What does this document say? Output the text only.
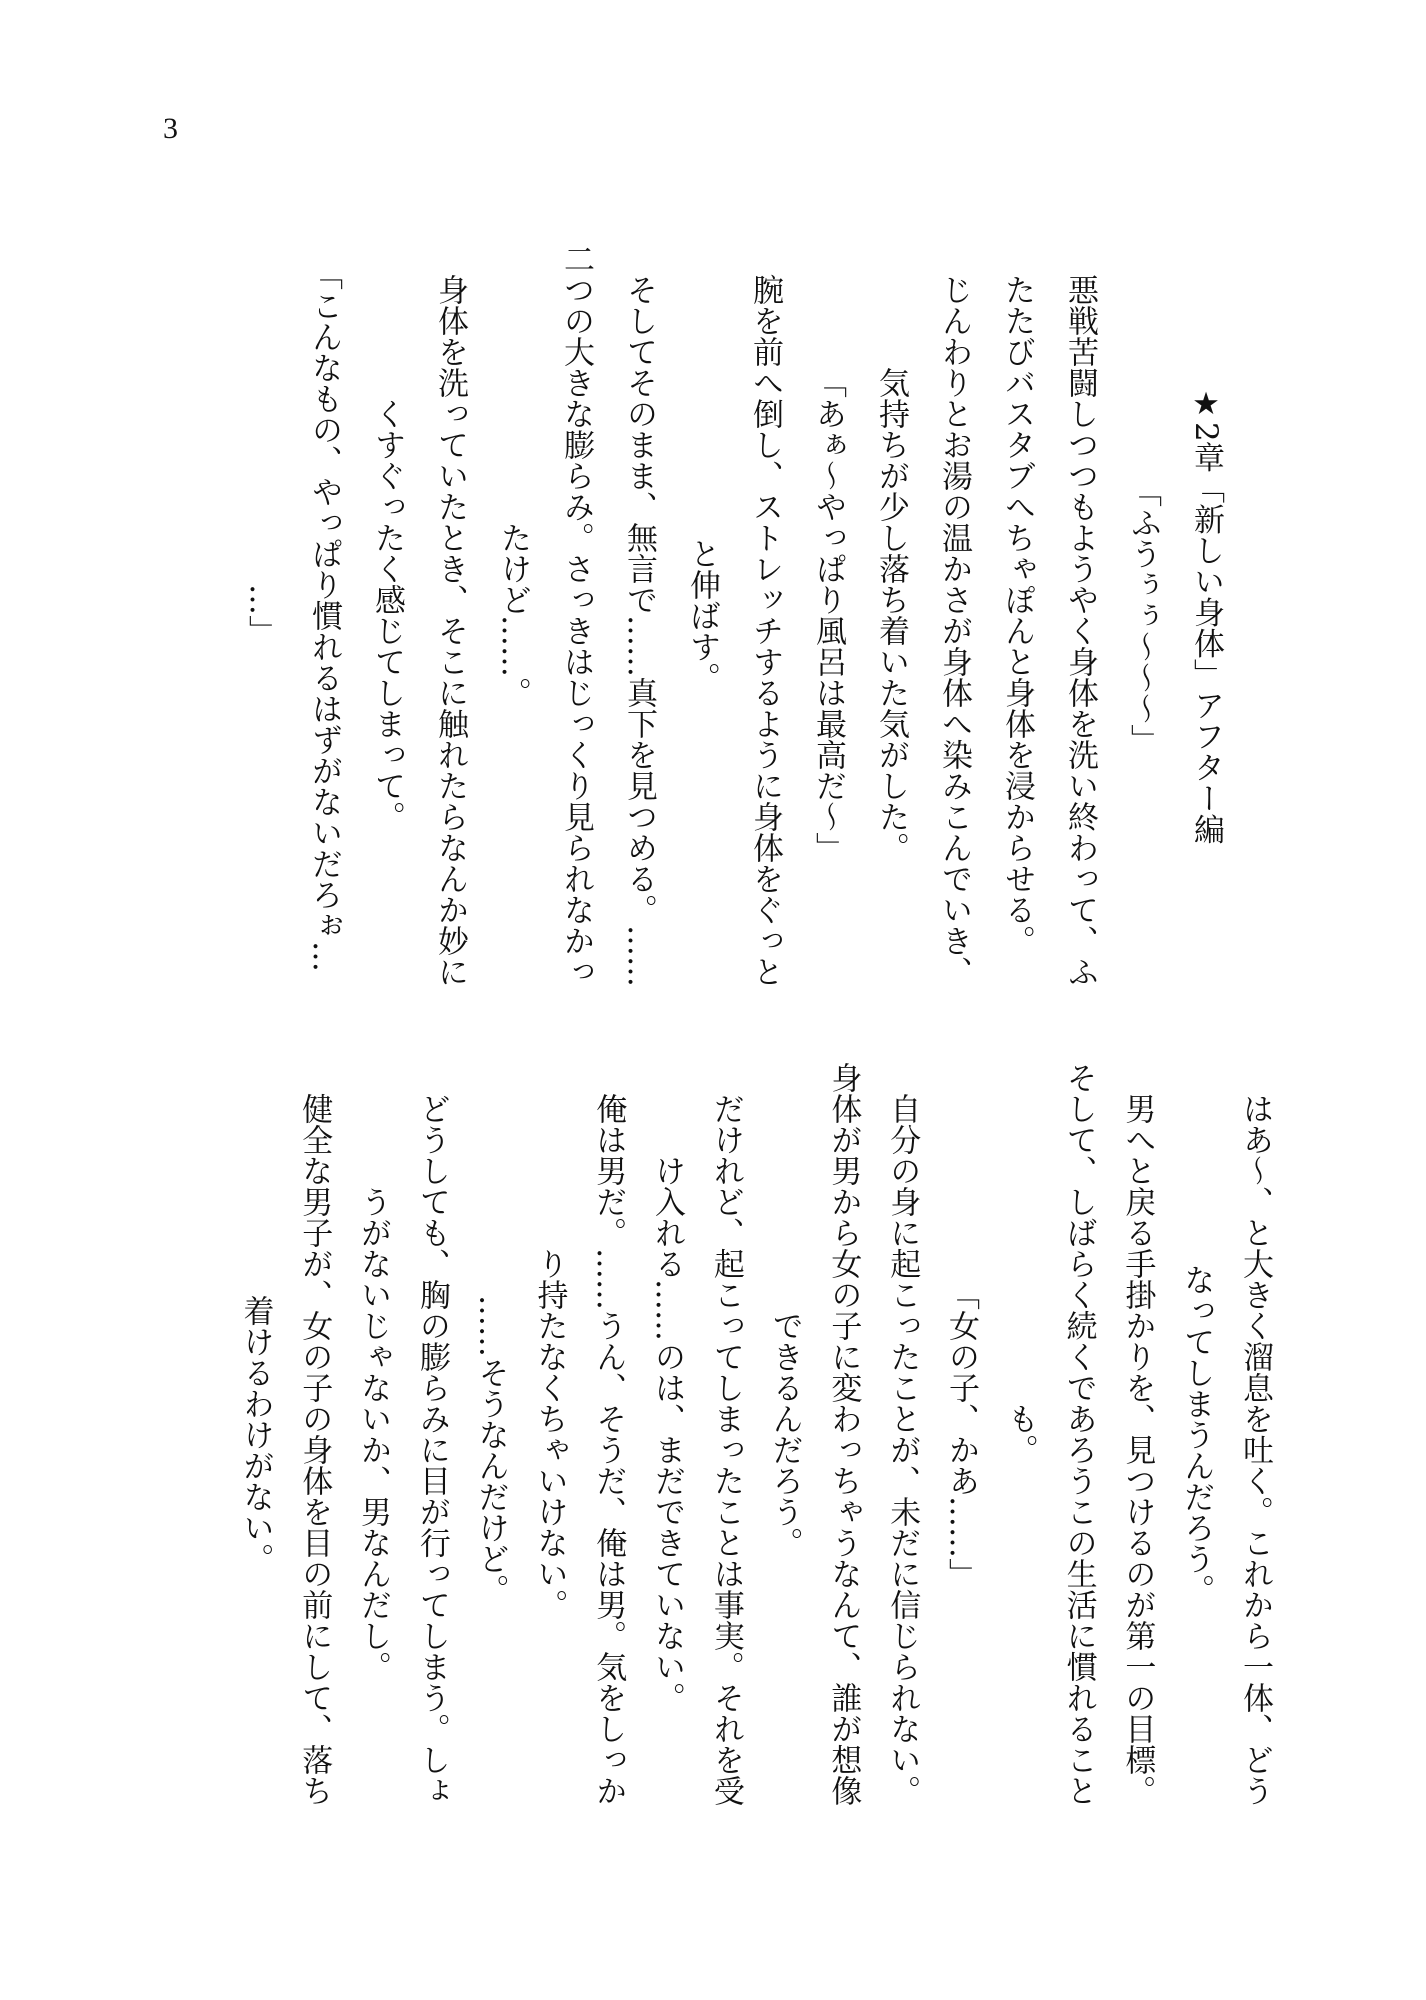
3
★2章「新しい身体」アフター編
「ふうぅぅ〜〜〜」
　悪戦苦闘しつつもようやく身体を洗い終わって、ふ
たたびバスタブへちゃぽんと身体を浸からせる。
　じんわりとお湯の温かさが身体へ染みこんでいき、
気持ちが少し落ち着いた気がした。
「あぁ〜やっぱり風呂は最高だ〜」
　腕を前へ倒し、ストレッチするように身体をぐっと
と伸ばす。
　そしてそのまま、無言で……真下を見つめる。……
二つの大きな膨らみ。さっきはじっくり見られなかっ
たけど……。
　身体を洗っていたとき、そこに触れたらなんか妙に
くすぐったく感じてしまって。
「こんなもの、やっぱり慣れるはずがないだろぉ…
…」
　はあ〜、と大きく溜息を吐く。これから一体、どう
なってしまうんだろう。
　男へと戻る手掛かりを、見つけるのが第一の目標。
そして、しばらく続くであろうこの生活に慣れること
も。
「女の子、かあ……」
　自分の身に起こったことが、未だに信じられない。
身体が男から女の子に変わっちゃうなんて、誰が想像
できるんだろう。
　だけれど、起こってしまったことは事実。それを受
け入れる……のは、まだできていない。
　俺は男だ。……うん、そうだ、俺は男。気をしっか
り持たなくちゃいけない。
　……そうなんだけど。
　どうしても、胸の膨らみに目が行ってしまう。しょ
うがないじゃないか、男なんだし。
　健全な男子が、女の子の身体を目の前にして、落ち
着けるわけがない。
